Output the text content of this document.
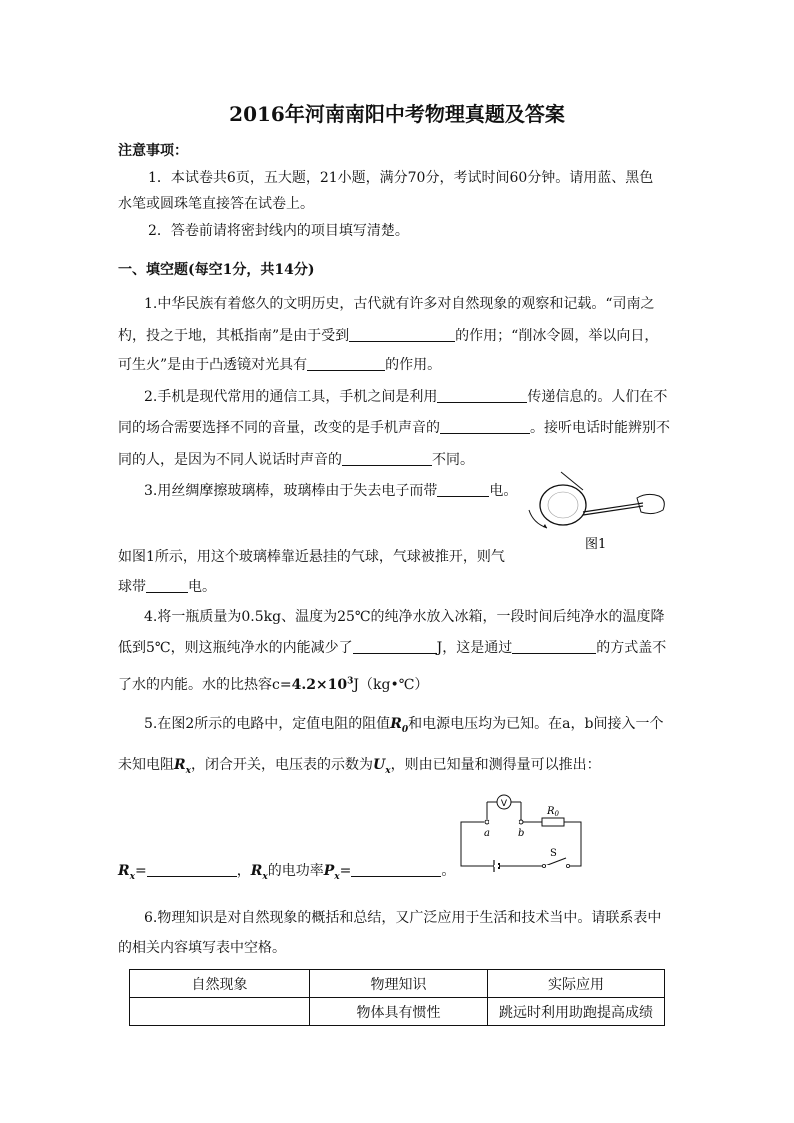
2016年河南南阳中考物理真题及答案
注意事项：
1．本试卷共6页，五大题，21小题，满分70分，考试时间60分钟。请用蓝、黑色
水笔或圆珠笔直接答在试卷上。
2．答卷前请将密封线内的项目填写清楚。
一、填空题(每空1分，共14分)
1.中华民族有着悠久的文明历史，古代就有许多对自然现象的观察和记载。“司南之
杓，投之于地，其柢指南”是由于受到	的作用；“削冰令圆，举以向日，
可生火”是由于凸透镜对光具有	的作用。
2.手机是现代常用的通信工具，手机之间是利用	传递信息的。人们在不
同的场合需要选择不同的音量，改变的是手机声音的	。接听电话时能辨别不
同的人，是因为不同人说话时声音的	不同。
3.用丝绸摩擦玻璃棒，玻璃棒由于失去电子而带	电。
图1
如图1所示，用这个玻璃棒靠近悬挂的气球，气球被推开，则气
球带	电。
4.将一瓶质量为0.5kg、温度为25℃的纯净水放入冰箱，一段时间后纯净水的温度降
低到5℃，则这瓶纯净水的内能减少了	J，这是通过	的方式盖不
了水的内能。水的比热容$c=4.2\times 10^3J(kg•℃)$
5.在图2所示的电路中，定值电阻的阻值$R_0$和电源电压均为已知。在a，b间接入一个
未知电阻$R_x$，闭合开关，电压表的示数为$U_x$，则由已知量和测得量可以推出：
V
a	b
$R_0$
S
$R_x=$	，$R_x$的电功率$P_x=$	。
6.物理知识是对自然现象的概括和总结，又广泛应用于生活和技术当中。请联系表中
的相关内容填写表中空格。
自然现象	物理知识	实际应用
	物体具有惯性	跳远时利用助跑提高成绩
